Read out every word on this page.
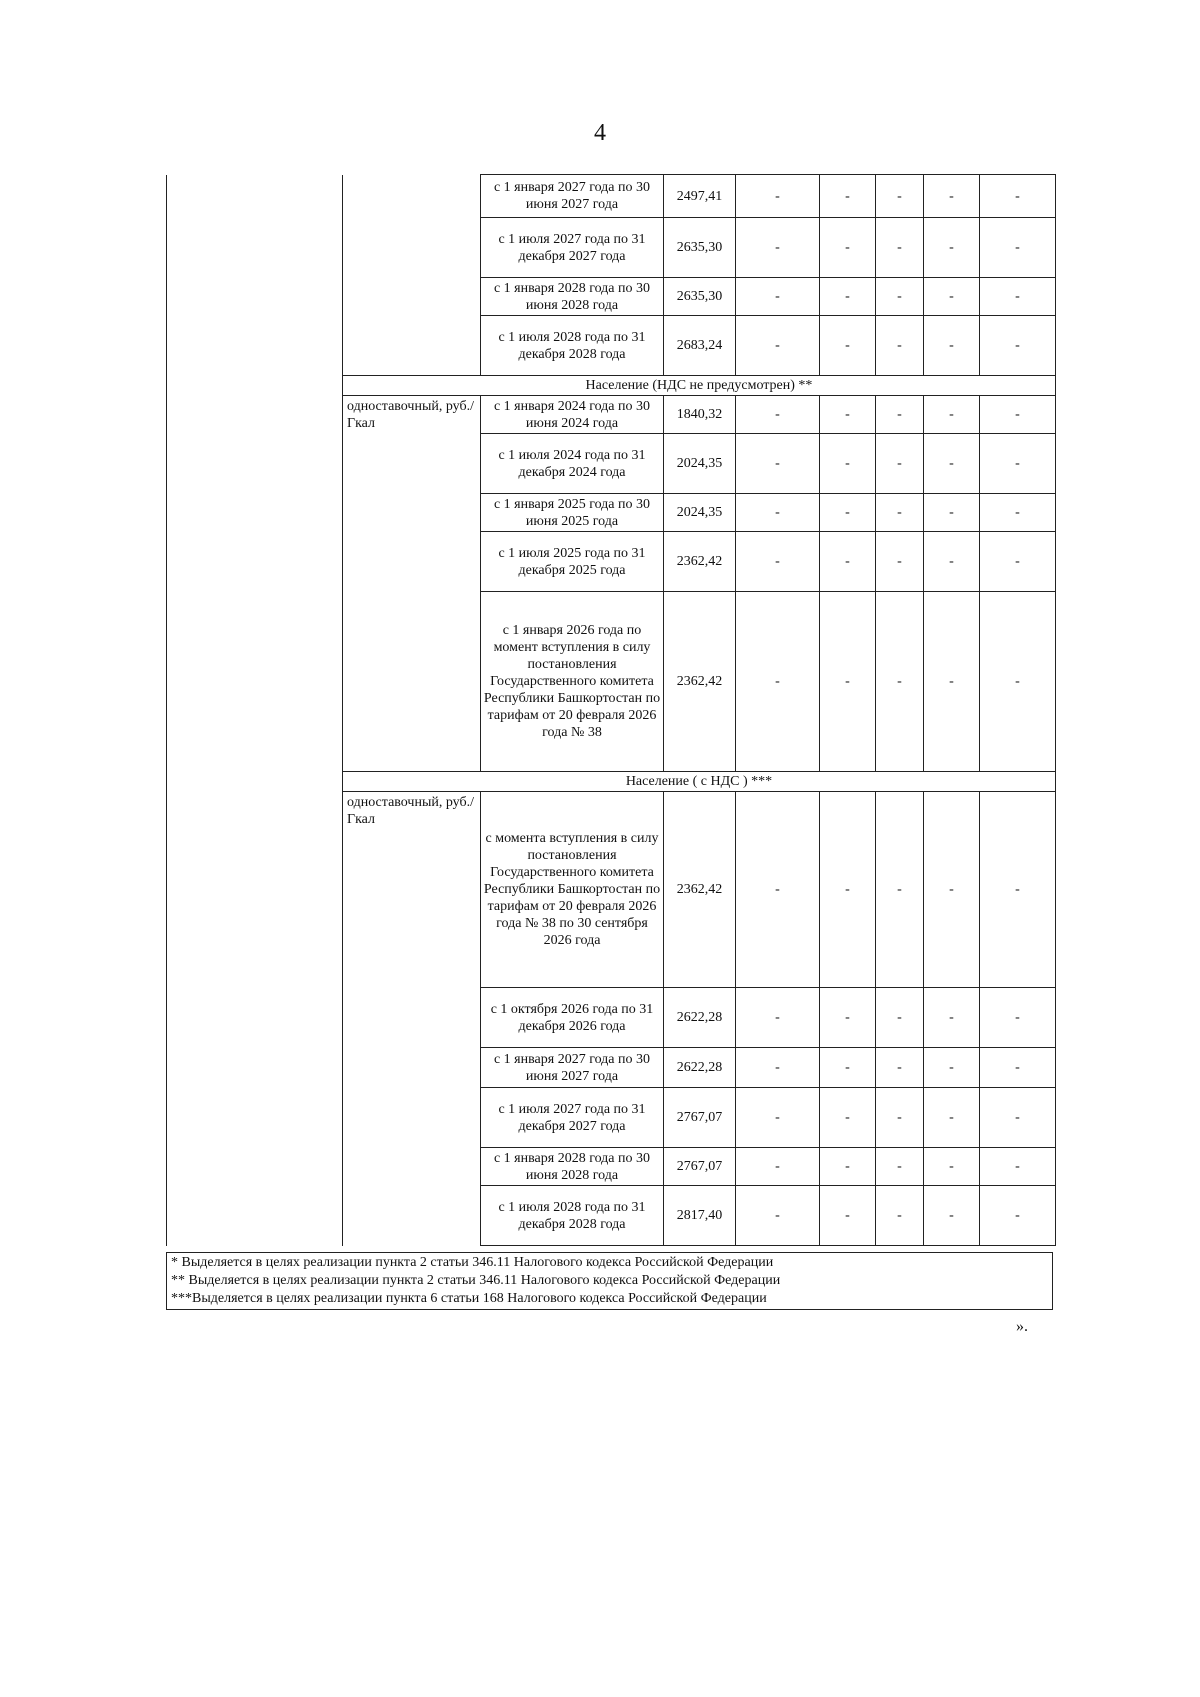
4
		с 1 января 2027 года по 30 июня 2027 года	2497,41	-	-	-	-	-
		с 1 июля 2027 года по 31 декабря 2027 года	2635,30	-	-	-	-	-
		с 1 января 2028 года по 30 июня 2028 года	2635,30	-	-	-	-	-
		с 1 июля 2028 года по 31 декабря 2028 года	2683,24	-	-	-	-	-
	Население (НДС не предусмотрен) **							
	одноставочный, руб./Гкал	с 1 января 2024 года по 30 июня 2024 года	1840,32	-	-	-	-	-
		с 1 июля 2024 года по 31 декабря 2024 года	2024,35	-	-	-	-	-
		с 1 января 2025 года по 30 июня 2025 года	2024,35	-	-	-	-	-
		с 1 июля 2025 года по 31 декабря 2025 года	2362,42	-	-	-	-	-
		с 1 января 2026 года по момент вступления в силу постановления Государственного комитета Республики Башкортостан по тарифам от 20 февраля 2026 года № 38	2362,42	-	-	-	-	-
	Население ( с НДС ) ***							
	одноставочный, руб./Гкал	с момента вступления в силу постановления Государственного комитета Республики Башкортостан по тарифам от 20 февраля 2026 года № 38 по 30 сентября 2026 года	2362,42	-	-	-	-	-
		с 1 октября 2026 года по 31 декабря 2026 года	2622,28	-	-	-	-	-
		с 1 января 2027 года по 30 июня 2027 года	2622,28	-	-	-	-	-
		с 1 июля 2027 года по 31 декабря 2027 года	2767,07	-	-	-	-	-
		с 1 января 2028 года по 30 июня 2028 года	2767,07	-	-	-	-	-
		с 1 июля 2028 года по 31 декабря 2028 года	2817,40	-	-	-	-	-
* Выделяется в целях реализации пункта 2 статьи 346.11 Налогового кодекса Российской Федерации
** Выделяется в целях реализации пункта 2 статьи 346.11 Налогового кодекса Российской Федерации
***Выделяется в целях реализации пункта 6 статьи 168 Налогового кодекса Российской Федерации
».
